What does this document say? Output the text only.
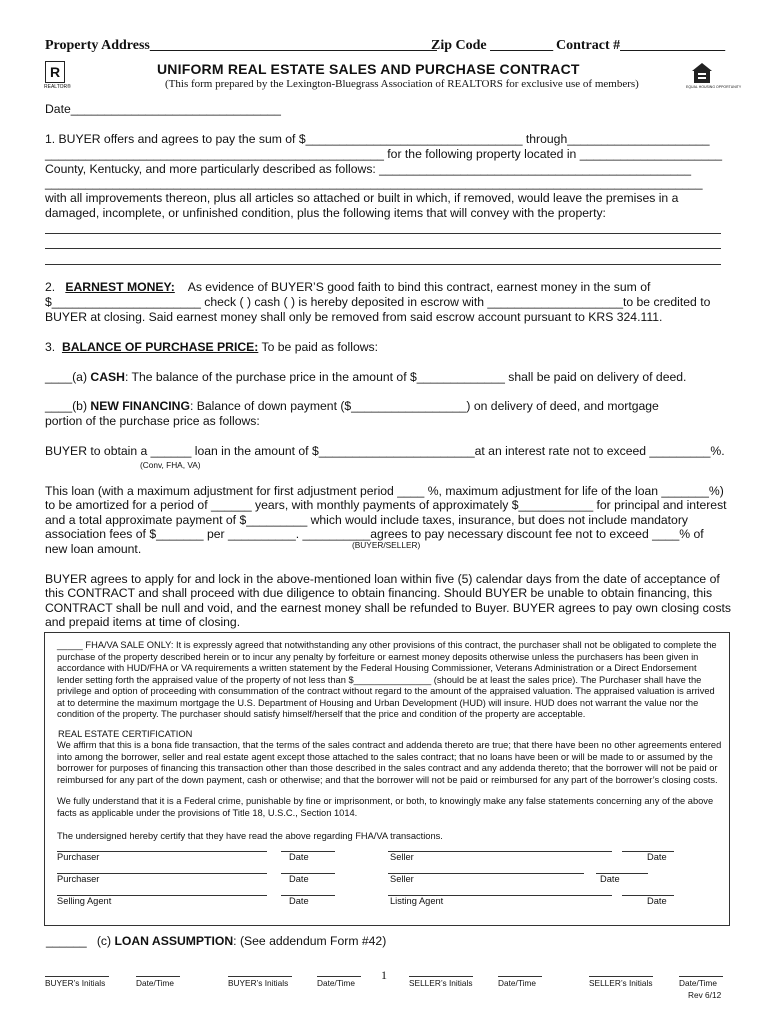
Property Address_________________________________________
Zip Code _________ Contract #_______________
R
REALTOR®
UNIFORM REAL ESTATE SALES AND PURCHASE CONTRACT
(This form prepared by the Lexington-Bluegrass Association of REALTORS for exclusive use of members)	EQUAL HOUSING OPPORTUNITY
Date_______________________________
1. BUYER offers and agrees to pay the sum of $________________________________ through_____________________
__________________________________________________ for the following property located in _____________________
County, Kentucky, and more particularly described as follows: ______________________________________________
_________________________________________________________________________________________________
with all improvements thereon, plus all articles so attached or built in which, if removed, would leave the premises in a
damaged, incomplete, or unfinished condition, plus the following items that will convey with the property:
2. EARNEST MONEY: As evidence of BUYER’S good faith to bind this contract, earnest money in the sum of
$______________________ check ( ) cash ( ) is hereby deposited in escrow with ____________________to be credited to
BUYER at closing. Said earnest money shall only be removed from said escrow account pursuant to KRS 324.111.
3. BALANCE OF PURCHASE PRICE: To be paid as follows:
____(a) CASH: The balance of the purchase price in the amount of $_____________ shall be paid on delivery of deed.
____(b) NEW FINANCING: Balance of down payment ($_________________) on delivery of deed, and mortgage
portion of the purchase price as follows:
BUYER to obtain a ______ loan in the amount of $_______________________at an interest rate not to exceed _________%.
(Conv, FHA, VA)
This loan (with a maximum adjustment for first adjustment period ____ %, maximum adjustment for life of the loan _______%)
to be amortized for a period of ______ years, with monthly payments of approximately $___________ for principal and interest
and a total approximate payment of $_________ which would include taxes, insurance, but does not include mandatory
association fees of $_______ per __________. __________agrees to pay necessary discount fee not to exceed ____% of
(BUYER/SELLER)
new loan amount.
BUYER agrees to apply for and lock in the above-mentioned loan within five (5) calendar days from the date of acceptance of
this CONTRACT and shall proceed with due diligence to obtain financing. Should BUYER be unable to obtain financing, this
CONTRACT shall be null and void, and the earnest money shall be refunded to Buyer. BUYER agrees to pay own closing costs
and prepaid items at time of closing.
_____ FHA/VA SALE ONLY: It is expressly agreed that notwithstanding any other provisions of this contract, the purchaser shall not be obligated to complete the
purchase of the property described herein or to incur any penalty by forfeiture or earnest money deposits otherwise unless the purchasers has been given in
accordance with HUD/FHA or VA requirements a written statement by the Federal Housing Commissioner, Veterans Administration or a Direct Endorsement
lender setting forth the appraised value of the property of not less than $_______________ (should be at least the sales price). The Purchaser shall have the
privilege and option of proceeding with consummation of the contract without regard to the amount of the appraised valuation. The appraised valuation is arrived
at to determine the maximum mortgage the U.S. Department of Housing and Urban Development (HUD) will insure. HUD does not warrant the value nor the
condition of the property. The purchaser should satisfy himself/herself that the price and condition of the property are acceptable.
We affirm that this is a bona fide transaction, that the terms of the sales contract and addenda thereto are true; that there have been no other agreements entered
into among the borrower, seller and real estate agent except those attached to the sales contract; that no loans have been or will be made to or assumed by the
borrower for purposes of financing this transaction other than those described in the sales contract and any addenda thereto; that the borrower will not be paid or
reimbursed for any part of the down payment, cash or otherwise; and that the borrower will not be paid or reimbursed for any part of the borrower’s closing costs.
We fully understand that it is a Federal crime, punishable by fine or imprisonment, or both, to knowingly make any false statements concerning any of the above
facts as applicable under the provisions of Title 18, U.S.C., Section 1014.
REAL ESTATE CERTIFICATION
The undersigned hereby certify that they have read the above regarding FHA/VA transactions.
Purchaser	Date	Seller	Date
Purchaser	Date	Seller	Date
Selling Agent	Date	Listing Agent	Date
______ (c) LOAN ASSUMPTION: (See addendum Form #42)
1
BUYER’s Initials	Date/Time	BUYER’s Initials	Date/Time	SELLER’s Initials	Date/Time	SELLER’s Initials	Date/Time
Rev 6/12
